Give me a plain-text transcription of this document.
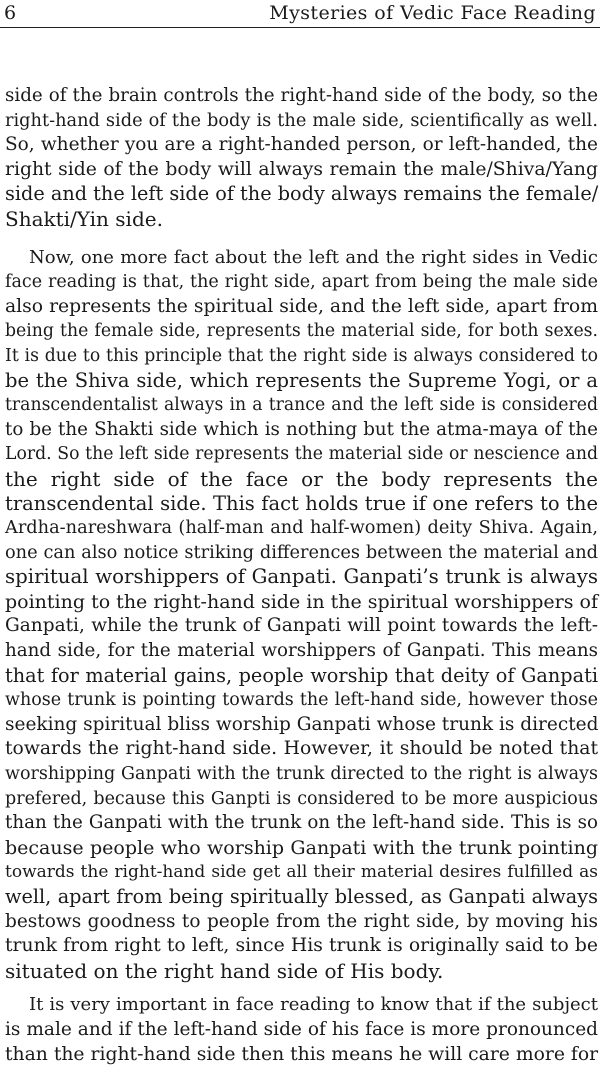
6	Mysteries of Vedic Face Reading

side of the brain controls the right-hand side of the body, so the
right-hand side of the body is the male side, scientifically as well.
So, whether you are a right-handed person, or left-handed, the
right side of the body will always remain the male/Shiva/Yang
side and the left side of the body always remains the female/
Shakti/Yin side.
Now, one more fact about the left and the right sides in Vedic
face reading is that, the right side, apart from being the male side
also represents the spiritual side, and the left side, apart from
being the female side, represents the material side, for both sexes.
It is due to this principle that the right side is always considered to
be the Shiva side, which represents the Supreme Yogi, or a
transcendentalist always in a trance and the left side is considered
to be the Shakti side which is nothing but the atma-maya of the
Lord. So the left side represents the material side or nescience and
the right side of the face or the body represents the
transcendental side. This fact holds true if one refers to the
Ardha-nareshwara (half-man and half-women) deity Shiva. Again,
one can also notice striking differences between the material and
spiritual worshippers of Ganpati. Ganpati’s trunk is always
pointing to the right-hand side in the spiritual worshippers of
Ganpati, while the trunk of Ganpati will point towards the left-
hand side, for the material worshippers of Ganpati. This means
that for material gains, people worship that deity of Ganpati
whose trunk is pointing towards the left-hand side, however those
seeking spiritual bliss worship Ganpati whose trunk is directed
towards the right-hand side. However, it should be noted that
worshipping Ganpati with the trunk directed to the right is always
prefered, because this Ganpti is considered to be more auspicious
than the Ganpati with the trunk on the left-hand side. This is so
because people who worship Ganpati with the trunk pointing
towards the right-hand side get all their material desires fulfilled as
well, apart from being spiritually blessed, as Ganpati always
bestows goodness to people from the right side, by moving his
trunk from right to left, since His trunk is originally said to be
situated on the right hand side of His body.
It is very important in face reading to know that if the subject
is male and if the left-hand side of his face is more pronounced
than the right-hand side then this means he will care more for
